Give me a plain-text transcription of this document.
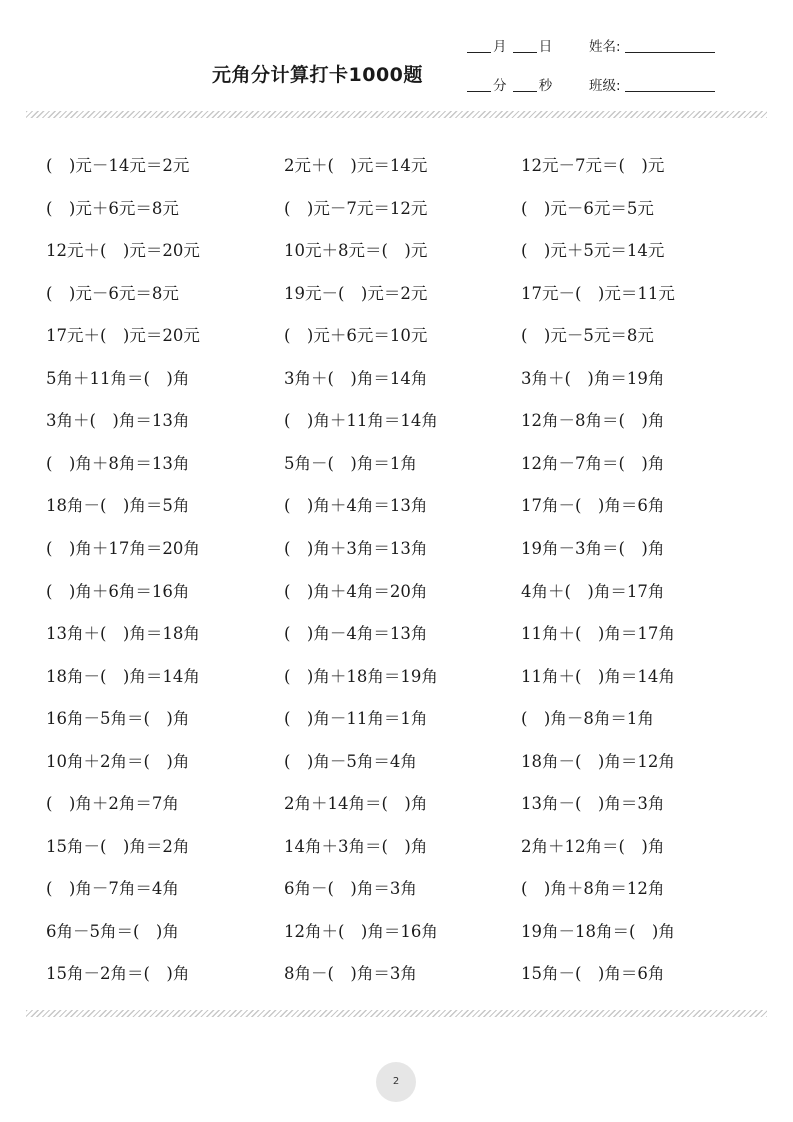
元角分计算打卡1000题
月 日
分 秒
姓名:
班级:
(　)元－14元＝2元
(　)元＋6元＝8元
12元＋(　)元＝20元
(　)元－6元＝8元
17元＋(　)元＝20元
5角＋11角＝(　)角
3角＋(　)角＝13角
(　)角＋8角＝13角
18角－(　)角＝5角
(　)角＋17角＝20角
(　)角＋6角＝16角
13角＋(　)角＝18角
18角－(　)角＝14角
16角－5角＝(　)角
10角＋2角＝(　)角
(　)角＋2角＝7角
15角－(　)角＝2角
(　)角－7角＝4角
6角－5角＝(　)角
15角－2角＝(　)角
2元＋(　)元＝14元
(　)元－7元＝12元
10元＋8元＝(　)元
19元－(　)元＝2元
(　)元＋6元＝10元
3角＋(　)角＝14角
(　)角＋11角＝14角
5角－(　)角＝1角
(　)角＋4角＝13角
(　)角＋3角＝13角
(　)角＋4角＝20角
(　)角－4角＝13角
(　)角＋18角＝19角
(　)角－11角＝1角
(　)角－5角＝4角
2角＋14角＝(　)角
14角＋3角＝(　)角
6角－(　)角＝3角
12角＋(　)角＝16角
8角－(　)角＝3角
12元－7元＝(　)元
(　)元－6元＝5元
(　)元＋5元＝14元
17元－(　)元＝11元
(　)元－5元＝8元
3角＋(　)角＝19角
12角－8角＝(　)角
12角－7角＝(　)角
17角－(　)角＝6角
19角－3角＝(　)角
4角＋(　)角＝17角
11角＋(　)角＝17角
11角＋(　)角＝14角
(　)角－8角＝1角
18角－(　)角＝12角
13角－(　)角＝3角
2角＋12角＝(　)角
(　)角＋8角＝12角
19角－18角＝(　)角
15角－(　)角＝6角
2
